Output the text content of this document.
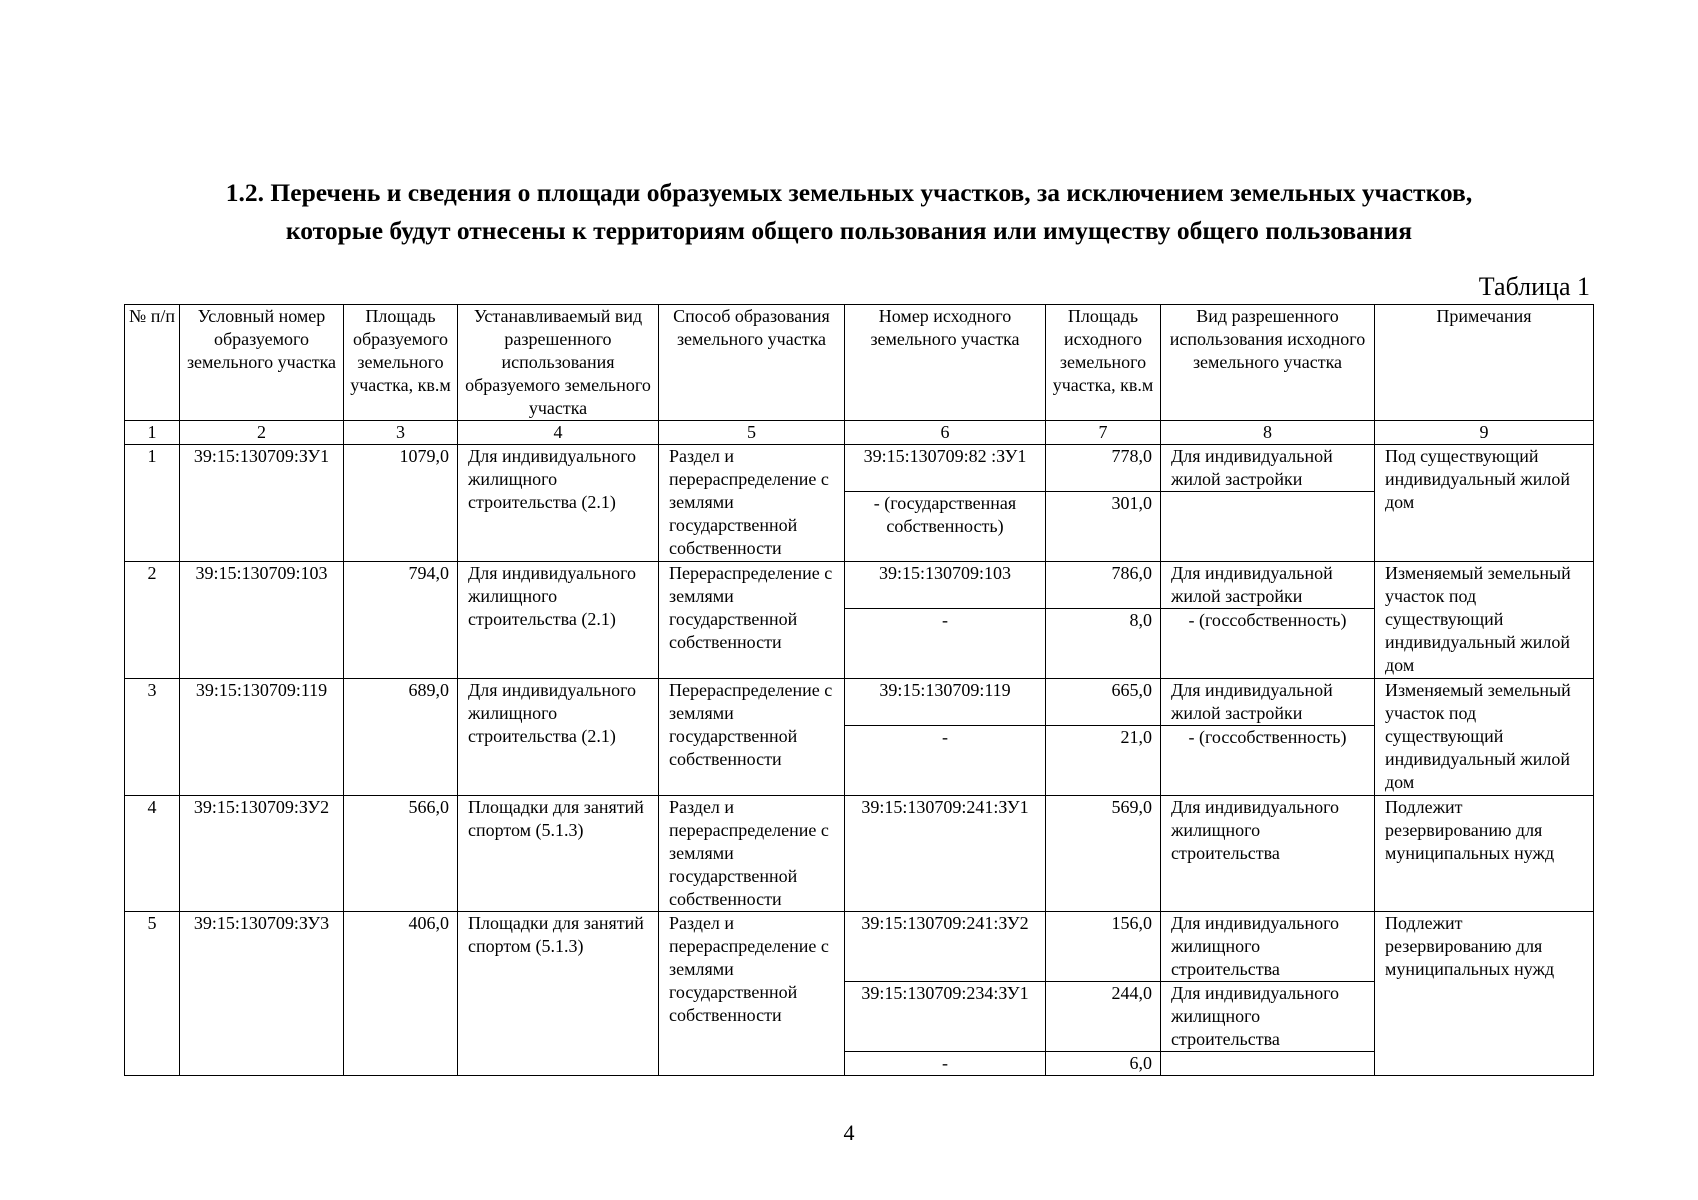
1.2. Перечень и сведения о площади образуемых земельных участков, за исключением земельных участков,
которые будут отнесены к территориям общего пользования или имуществу общего пользования
Таблица 1
№ п/п	Условный номер образуемого земельного участка	Площадь образуемого земельного участка, кв.м	Устанавливаемый вид разрешенного использования образуемого земельного участка	Способ образования земельного участка	Номер исходного земельного участка	Площадь исходного земельного участка, кв.м	Вид разрешенного использования исходного земельного участка	Примечания
1	2	3	4	5	6	7	8	9
1	39:15:130709:ЗУ1	1079,0	Для индивидуального жилищного строительства (2.1)	Раздел и перераспределение с землями государственной собственности	39:15:130709:82 :ЗУ1	778,0	Для индивидуальной жилой застройки	Под существующий индивидуальный жилой дом
					- (государственная собственность)	301,0		
2	39:15:130709:103	794,0	Для индивидуального жилищного строительства (2.1)	Перераспределение с землями государственной собственности	39:15:130709:103	786,0	Для индивидуальной жилой застройки	Изменяемый земельный участок под существующий индивидуальный жилой дом
					-	8,0	- (госсобственность)	
3	39:15:130709:119	689,0	Для индивидуального жилищного строительства (2.1)	Перераспределение с землями государственной собственности	39:15:130709:119	665,0	Для индивидуальной жилой застройки	Изменяемый земельный участок под существующий индивидуальный жилой дом
					-	21,0	- (госсобственность)	
4	39:15:130709:ЗУ2	566,0	Площадки для занятий спортом (5.1.3)	Раздел и перераспределение с землями государственной собственности	39:15:130709:241:ЗУ1	569,0	Для индивидуального жилищного строительства	Подлежит резервированию для муниципальных нужд
5	39:15:130709:ЗУ3	406,0	Площадки для занятий спортом (5.1.3)	Раздел и перераспределение с землями государственной собственности	39:15:130709:241:ЗУ2	156,0	Для индивидуального жилищного строительства	Подлежит резервированию для муниципальных нужд
					39:15:130709:234:ЗУ1	244,0	Для индивидуального жилищного строительства	
					-	6,0		
4
